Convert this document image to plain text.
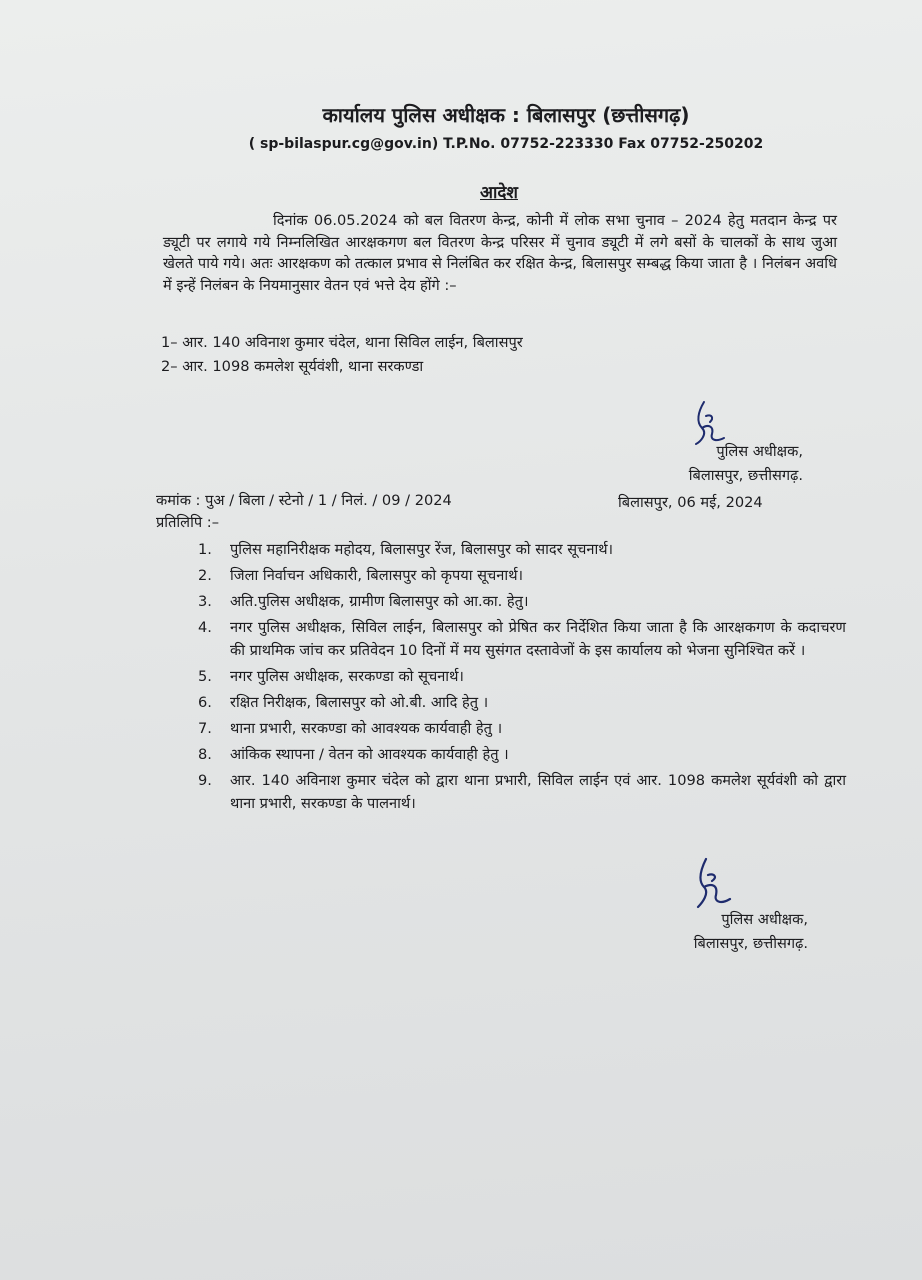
कार्यालय पुलिस अधीक्षक : बिलासपुर (छत्तीसगढ़)
( sp-bilaspur.cg@gov.in) T.P.No. 07752-223330 Fax 07752-250202
आदेश
दिनांक 06.05.2024 को बल वितरण केन्द्र, कोनी में लोक सभा चुनाव – 2024 हेतु मतदान केन्द्र पर ड्यूटी पर लगाये गये निम्नलिखित आरक्षकगण बल वितरण केन्द्र परिसर में चुनाव ड्यूटी में लगे बसों के चालकों के साथ जुआ खेलते पाये गये। अतः आरक्षकण को तत्काल प्रभाव से निलंबित कर रक्षित केन्द्र, बिलासपुर सम्बद्ध किया जाता है । निलंबन अवधि में इन्हें निलंबन के नियमानुसार वेतन एवं भत्ते देय होंगे :–
1– आर. 140 अविनाश कुमार चंदेल, थाना सिविल लाईन, बिलासपुर
2– आर. 1098 कमलेश सूर्यवंशी, थाना सरकण्डा
पुलिस अधीक्षक,
बिलासपुर, छत्तीसगढ़.
कमांक : पुअ / बिला / स्टेनो / 1 / निलं. / 09 / 2024	बिलासपुर, 06 मई, 2024
प्रतिलिपि :–
1.	पुलिस महानिरीक्षक महोदय, बिलासपुर रेंज, बिलासपुर को सादर सूचनार्थ।
2.	जिला निर्वाचन अधिकारी, बिलासपुर को कृपया सूचनार्थ।
3.	अति.पुलिस अधीक्षक, ग्रामीण बिलासपुर को आ.का. हेतु।
4.	नगर पुलिस अधीक्षक, सिविल लाईन, बिलासपुर को प्रेषित कर निर्देशित किया जाता है कि आरक्षकगण के कदाचरण की प्राथमिक जांच कर प्रतिवेदन 10 दिनों में मय सुसंगत दस्तावेजों के इस कार्यालय को भेजना सुनिश्चित करें ।
5.	नगर पुलिस अधीक्षक, सरकण्डा को सूचनार्थ।
6.	रक्षित निरीक्षक, बिलासपुर को ओ.बी. आदि हेतु ।
7.	थाना प्रभारी, सरकण्डा को आवश्यक कार्यवाही हेतु ।
8.	आंकिक स्थापना / वेतन को आवश्यक कार्यवाही हेतु ।
9.	आर. 140 अविनाश कुमार चंदेल को द्वारा थाना प्रभारी, सिविल लाईन एवं आर. 1098 कमलेश सूर्यवंशी को द्वारा थाना प्रभारी, सरकण्डा के पालनार्थ।
पुलिस अधीक्षक,
बिलासपुर, छत्तीसगढ़.
